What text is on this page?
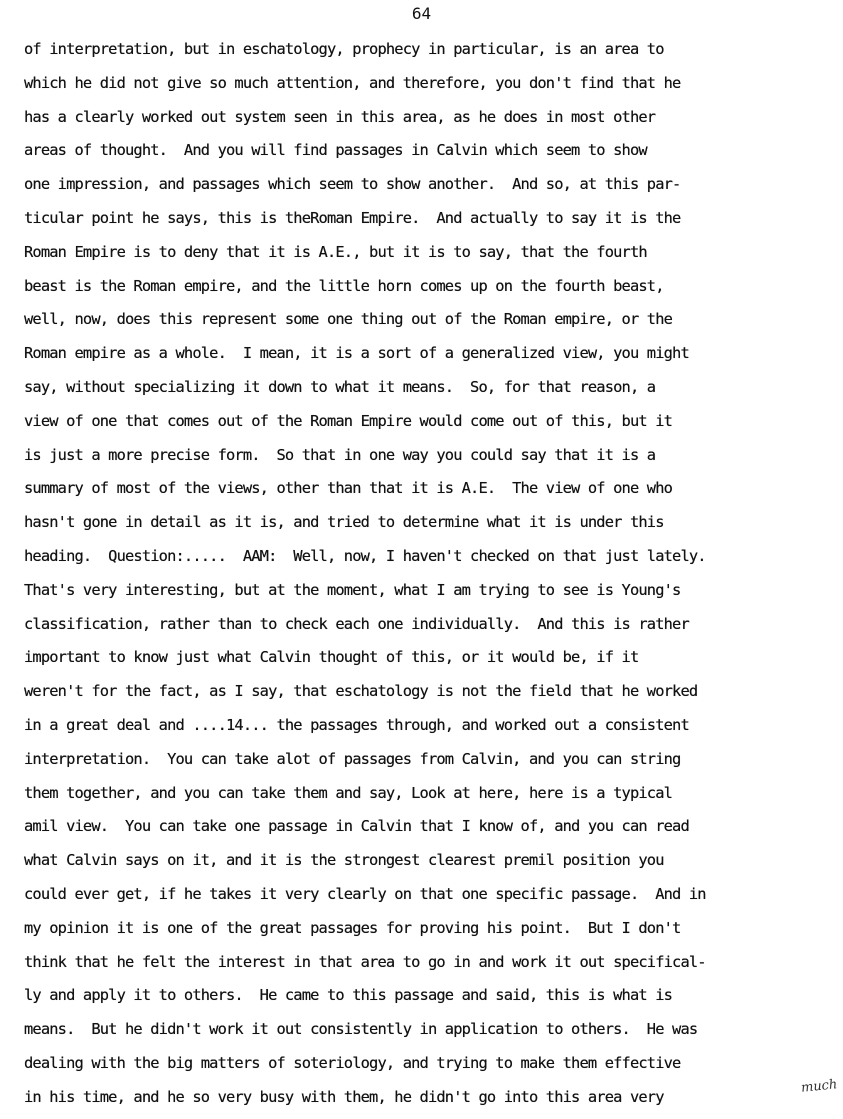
64
of interpretation, but in eschatology, prophecy in particular, is an area to
which he did not give so much attention, and therefore, you don't find that he
has a clearly worked out system seen in this area, as he does in most other
areas of thought.  And you will find passages in Calvin which seem to show
one impression, and passages which seem to show another.  And so, at this par-
ticular point he says, this is theRoman Empire.  And actually to say it is the
Roman Empire is to deny that it is A.E., but it is to say, that the fourth
beast is the Roman empire, and the little horn comes up on the fourth beast,
well, now, does this represent some one thing out of the Roman empire, or the
Roman empire as a whole.  I mean, it is a sort of a generalized view, you might
say, without specializing it down to what it means.  So, for that reason, a
view of one that comes out of the Roman Empire would come out of this, but it
is just a more precise form.  So that in one way you could say that it is a
summary of most of the views, other than that it is A.E.  The view of one who
hasn't gone in detail as it is, and tried to determine what it is under this
heading.  Question:.....  AAM:  Well, now, I haven't checked on that just lately.
That's very interesting, but at the moment, what I am trying to see is Young's
classification, rather than to check each one individually.  And this is rather
important to know just what Calvin thought of this, or it would be, if it
weren't for the fact, as I say, that eschatology is not the field that he worked
in a great deal and ....14... the passages through, and worked out a consistent
interpretation.  You can take alot of passages from Calvin, and you can string
them together, and you can take them and say, Look at here, here is a typical
amil view.  You can take one passage in Calvin that I know of, and you can read
what Calvin says on it, and it is the strongest clearest premil position you
could ever get, if he takes it very clearly on that one specific passage.  And in
my opinion it is one of the great passages for proving his point.  But I don't
think that he felt the interest in that area to go in and work it out specifical-
ly and apply it to others.  He came to this passage and said, this is what is
means.  But he didn't work it out consistently in application to others.  He was
dealing with the big matters of soteriology, and trying to make them effective
in his time, and he so very busy with them, he didn't go into this area very
much
